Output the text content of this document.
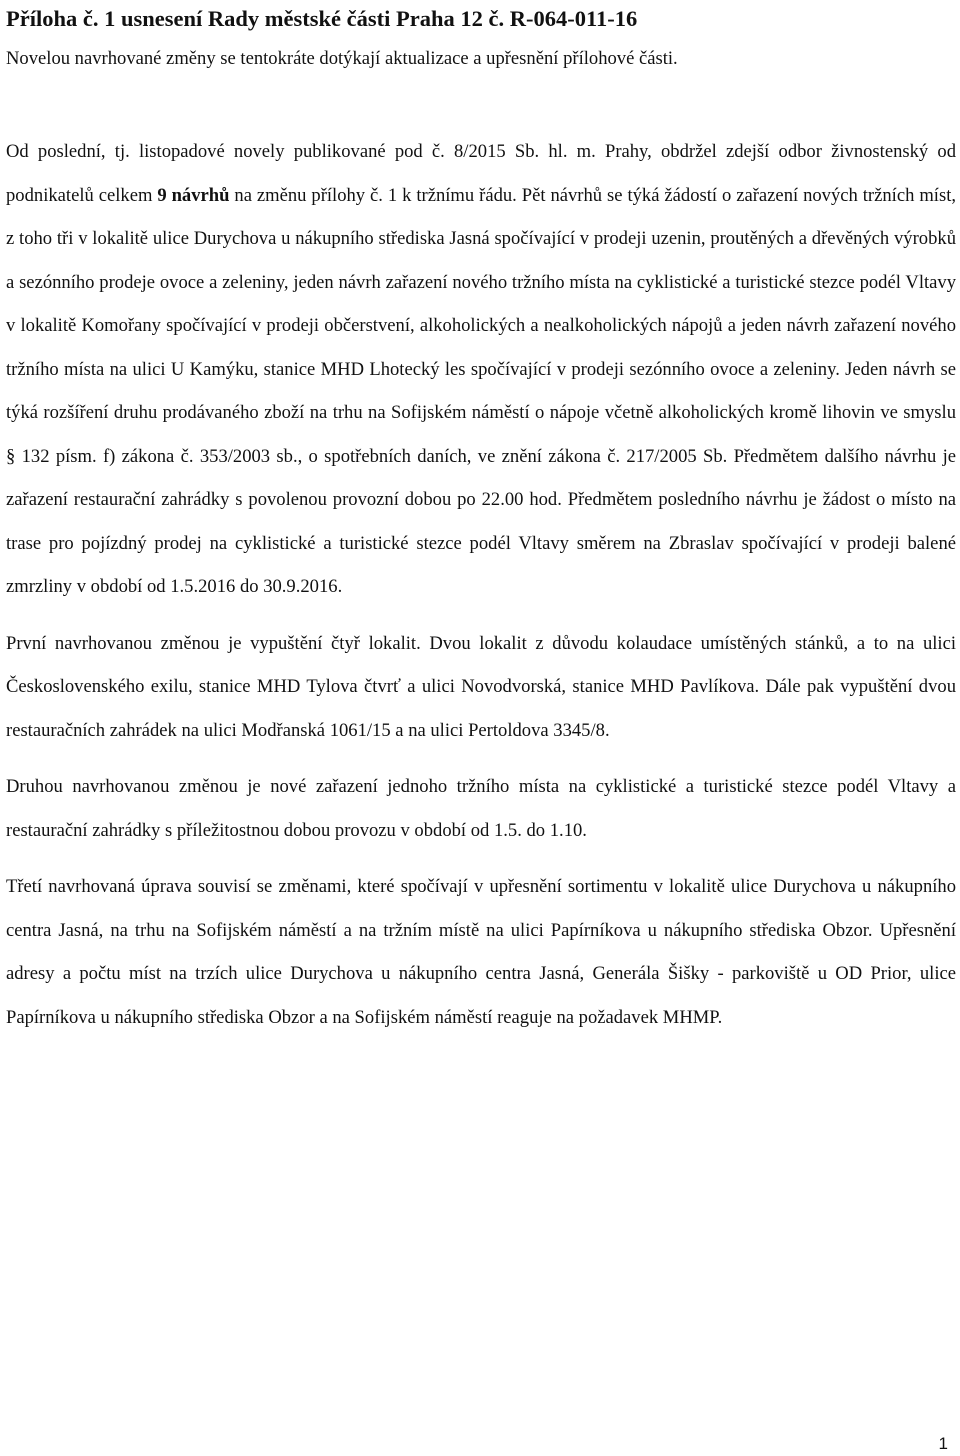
Příloha č. 1 usnesení Rady městské části Praha 12 č. R-064-011-16

Novelou navrhované změny se tentokráte dotýkají aktualizace a upřesnění přílohové části.

Od poslední, tj. listopadové novely publikované pod č. 8/2015 Sb. hl. m. Prahy, obdržel zdejší odbor živnostenský od podnikatelů celkem 9 návrhů na změnu přílohy č. 1 k tržnímu řádu. Pět návrhů se týká žádostí o zařazení nových tržních míst, z toho tři v lokalitě ulice Durychova u nákupního střediska Jasná spočívající v prodeji uzenin, proutěných a dřevěných výrobků a sezónního prodeje ovoce a zeleniny, jeden návrh zařazení nového tržního místa na cyklistické a turistické stezce podél Vltavy v lokalitě Komořany spočívající v prodeji občerstvení, alkoholických a nealkoholických nápojů a jeden návrh zařazení nového tržního místa na ulici U Kamýku, stanice MHD Lhotecký les spočívající v prodeji sezónního ovoce a zeleniny. Jeden návrh se týká rozšíření druhu prodávaného zboží na trhu na Sofijském náměstí o nápoje včetně alkoholických kromě lihovin ve smyslu § 132 písm. f) zákona č. 353/2003 sb., o spotřebních daních, ve znění zákona č. 217/2005 Sb. Předmětem dalšího návrhu je zařazení restaurační zahrádky s povolenou provozní dobou po 22.00 hod. Předmětem posledního návrhu je žádost o místo na trase pro pojízdný prodej na cyklistické a turistické stezce podél Vltavy směrem na Zbraslav spočívající v prodeji balené zmrzliny v období od 1.5.2016 do 30.9.2016.

První navrhovanou změnou je vypuštění čtyř lokalit. Dvou lokalit z důvodu kolaudace umístěných stánků, a to na ulici Československého exilu, stanice MHD Tylova čtvrť a ulici Novodvorská, stanice MHD Pavlíkova. Dále pak vypuštění dvou restauračních zahrádek na ulici Modřanská 1061/15 a na ulici Pertoldova 3345/8.

Druhou navrhovanou změnou je nové zařazení jednoho tržního místa na cyklistické a turistické stezce podél Vltavy a restaurační zahrádky s příležitostnou dobou provozu v období od 1.5. do 1.10.

Třetí navrhovaná úprava souvisí se změnami, které spočívají v upřesnění sortimentu v lokalitě ulice Durychova u nákupního centra Jasná, na trhu na Sofijském náměstí a na tržním místě na ulici Papírníkova u nákupního střediska Obzor. Upřesnění adresy a počtu míst na trzích ulice Durychova u nákupního centra Jasná, Generála Šišky - parkoviště u OD Prior, ulice Papírníkova u nákupního střediska Obzor a na Sofijském náměstí reaguje na požadavek MHMP.

1
